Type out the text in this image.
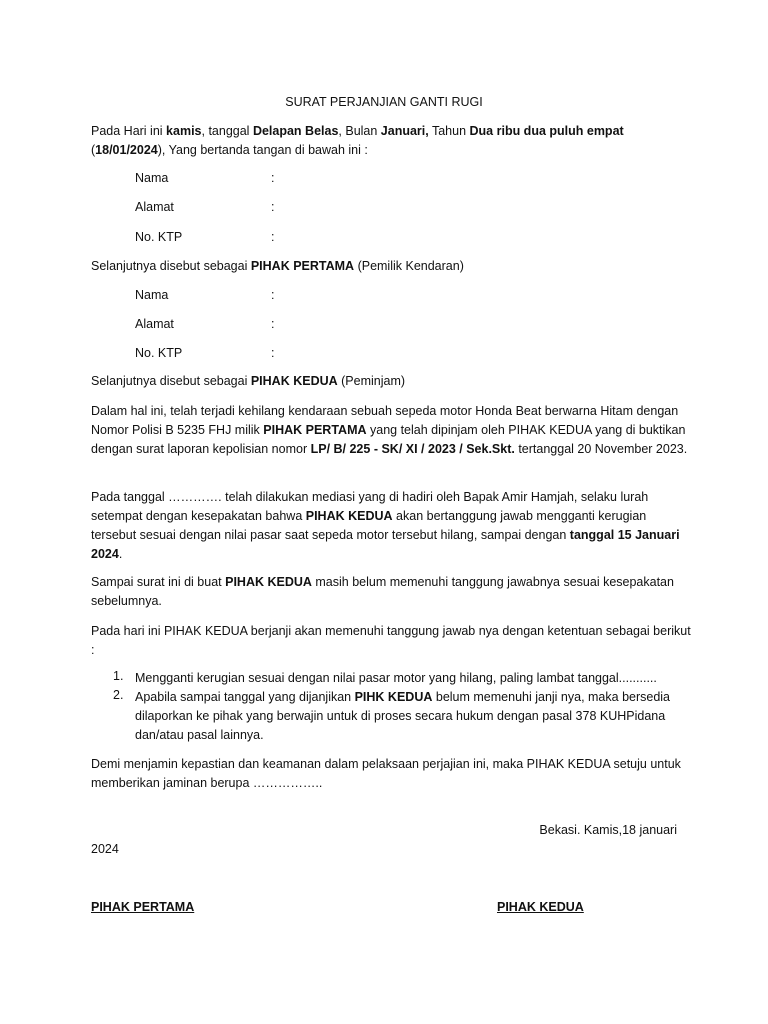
SURAT PERJANJIAN GANTI RUGI
Pada Hari ini kamis, tanggal Delapan Belas, Bulan Januari, Tahun Dua ribu dua puluh empat
(18/01/2024), Yang bertanda tangan di bawah ini :
Nama	:
Alamat	:
No. KTP	:
Selanjutnya disebut sebagai PIHAK PERTAMA (Pemilik Kendaran)
Nama	:
Alamat	:
No. KTP	:
Selanjutnya disebut sebagai PIHAK KEDUA (Peminjam)
Dalam hal ini, telah terjadi kehilang kendaraan sebuah sepeda motor Honda Beat berwarna Hitam dengan Nomor Polisi B 5235 FHJ milik PIHAK PERTAMA yang telah dipinjam oleh PIHAK KEDUA yang di buktikan dengan surat laporan kepolisian nomor LP/ B/ 225 - SK/ XI / 2023 / Sek.Skt. tertanggal 20 November 2023.
Pada tanggal …………. telah dilakukan mediasi yang di hadiri oleh Bapak Amir Hamjah, selaku lurah setempat dengan kesepakatan bahwa PIHAK KEDUA akan bertanggung jawab mengganti kerugian tersebut sesuai dengan nilai pasar saat sepeda motor tersebut hilang, sampai dengan tanggal 15 Januari 2024.
Sampai surat ini di buat PIHAK KEDUA masih belum memenuhi tanggung jawabnya sesuai kesepakatan sebelumnya.
Pada hari ini PIHAK KEDUA berjanji akan memenuhi tanggung jawab nya dengan ketentuan sebagai berikut :
1. Mengganti kerugian sesuai dengan nilai pasar motor yang hilang, paling lambat tanggal...........
2. Apabila sampai tanggal yang dijanjikan PIHK KEDUA belum memenuhi janji nya, maka bersedia dilaporkan ke pihak yang berwajin untuk di proses secara hukum dengan pasal 378 KUHPidana dan/atau pasal lainnya.
Demi menjamin kepastian dan keamanan dalam pelaksaan perjajian ini, maka PIHAK KEDUA setuju untuk memberikan jaminan berupa ……………..
Bekasi. Kamis,18 januari
2024
PIHAK PERTAMA	PIHAK KEDUA
